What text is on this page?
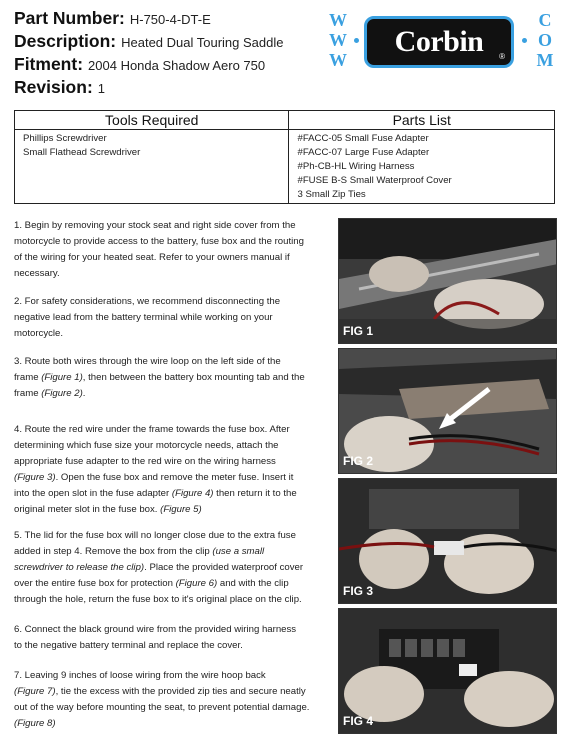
Part Number: H-750-4-DT-E
Description: Heated Dual Touring Saddle
Fitment: 2004 Honda Shadow Aero 750
Revision: 1
W
W
W
Corbin	®
C
O
M
Tools Required	Parts List
Phillips Screwdriver
Small Flathead Screwdriver
#FACC-05 Small Fuse Adapter
#FACC-07 Large Fuse Adapter
#Ph-CB-HL Wiring Harness
#FUSE B-S Small Waterproof Cover
3 Small Zip Ties
1. Begin by removing your stock seat and right side cover from the
motorcycle to provide access to the battery, fuse box and the routing
of the wiring for your heated seat. Refer to your owners manual if
necessary.
2. For safety considerations, we recommend disconnecting the
negative lead from the battery terminal while working on your
motorcycle.
3. Route both wires through the wire loop on the left side of the
frame (Figure 1), then between the battery box mounting tab and the
frame (Figure 2).
4. Route the red wire under the frame towards the fuse box. After
determining which fuse size your motorcycle needs, attach the
appropriate fuse adapter to the red wire on the wiring harness
(Figure 3). Open the fuse box and remove the meter fuse. Insert it
into the open slot in the fuse adapter (Figure 4) then return it to the
original meter slot in the fuse box. (Figure 5)
5. The lid for the fuse box will no longer close due to the extra fuse
added in step 4. Remove the box from the clip (use a small
screwdriver to release the clip). Place the provided waterproof cover
over the entire fuse box for protection (Figure 6) and with the clip
through the hole, return the fuse box to it's original place on the clip.
6. Connect the black ground wire from the provided wiring harness
to the negative battery terminal and replace the cover.
7. Leaving 9 inches of loose wiring from the wire hoop back
(Figure 7), tie the excess with the provided zip ties and secure neatly
out of the way before mounting the seat, to prevent potential damage.
(Figure 8)
FIG 1
FIG 2
FIG 3
FIG 4
